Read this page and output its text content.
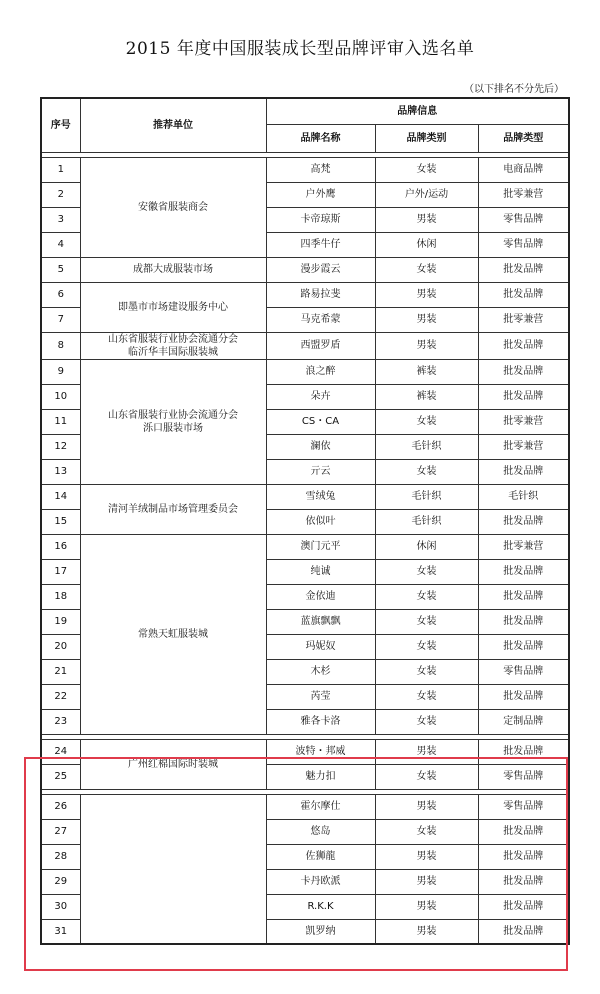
2015 年度中国服装成长型品牌评审入选名单
（以下排名不分先后）
序号	推荐单位	品牌信息		
		品牌名称	品牌类别	品牌类型

1	安徽省服装商会	高梵	女装	电商品牌
2		户外鹰	户外/运动	批零兼营
3		卡帝琼斯	男装	零售品牌
4		四季牛仔	休闲	零售品牌
5	成都大成服装市场	漫步霞云	女装	批发品牌
6	即墨市市场建设服务中心	路易拉斐	男装	批发品牌
7		马克希蒙	男装	批零兼营
8	山东省服装行业协会流通分会
临沂华丰国际服装城	西盟罗盾	男装	批发品牌
9	山东省服装行业协会流通分会
泺口服装市场	浪之醉	裤装	批发品牌
10		朵卉	裤装	批发品牌
11		CS・CA	女装	批零兼营
12		澜依	毛针织	批零兼营
13		亓云	女装	批发品牌
14	清河羊绒制品市场管理委员会	雪绒兔	毛针织	毛针织
15		依似叶	毛针织	批发品牌
16	常熟天虹服装城	澳门元平	休闲	批零兼营
17		纯诚	女装	批发品牌
18		金依迪	女装	批发品牌
19		蓝旗飘飘	女装	批发品牌
20		玛妮奴	女装	批发品牌
21		木杉	女装	零售品牌
22		芮莹	女装	批发品牌
23		雅各卡洛	女装	定制品牌

24	广州红棉国际时装城	波特・邦威	男装	批发品牌
25		魅力扣	女装	零售品牌

26		霍尔摩仕	男装	零售品牌
27		悠岛	女装	批发品牌
28		佐狮龍	男装	批发品牌
29		卡丹欧派	男装	批发品牌
30		R.K.K	男装	批发品牌
31		凯罗纳	男装	批发品牌
